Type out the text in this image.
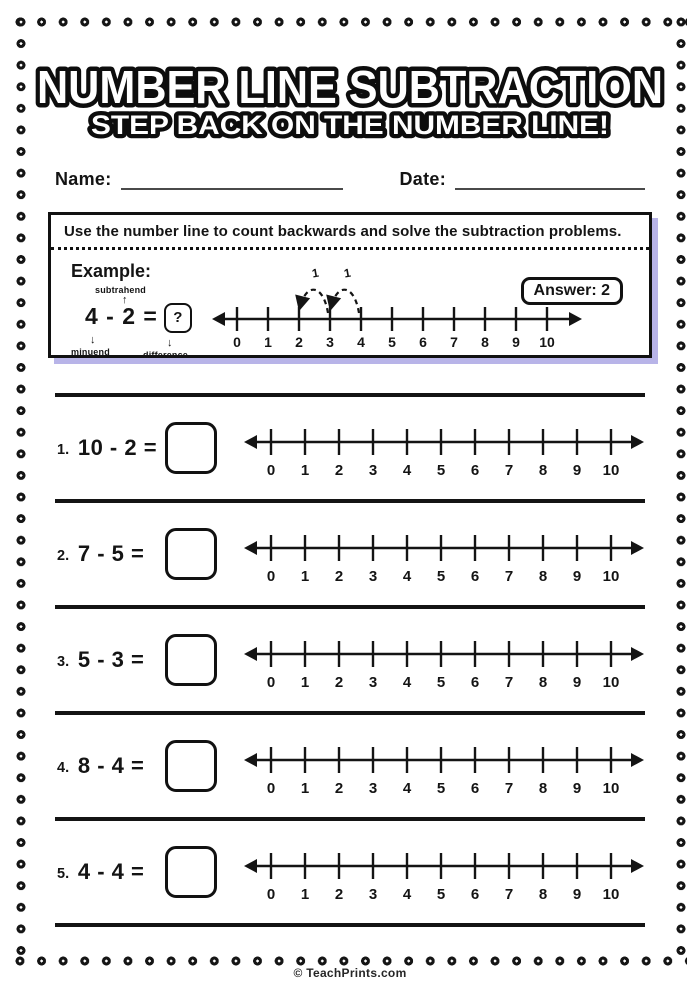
NUMBER LINE SUBTRACTION
STEP BACK ON THE NUMBER LINE!
Name:	Date:
Use the number line to count backwards and solve the subtraction problems.
Example:
subtrahend
↑
4 - 2 = ?
↓
minuend
↓
difference
0 1 2 3 4 5 6 7 8 9 10
1
1
Answer: 2
1. 10 - 2 =
0 1 2 3 4 5 6 7 8 9 10
2. 7 - 5 =
0 1 2 3 4 5 6 7 8 9 10
3. 5 - 3 =
0 1 2 3 4 5 6 7 8 9 10
4. 8 - 4 =
0 1 2 3 4 5 6 7 8 9 10
5. 4 - 4 =
0 1 2 3 4 5 6 7 8 9 10
© TeachPrints.com
